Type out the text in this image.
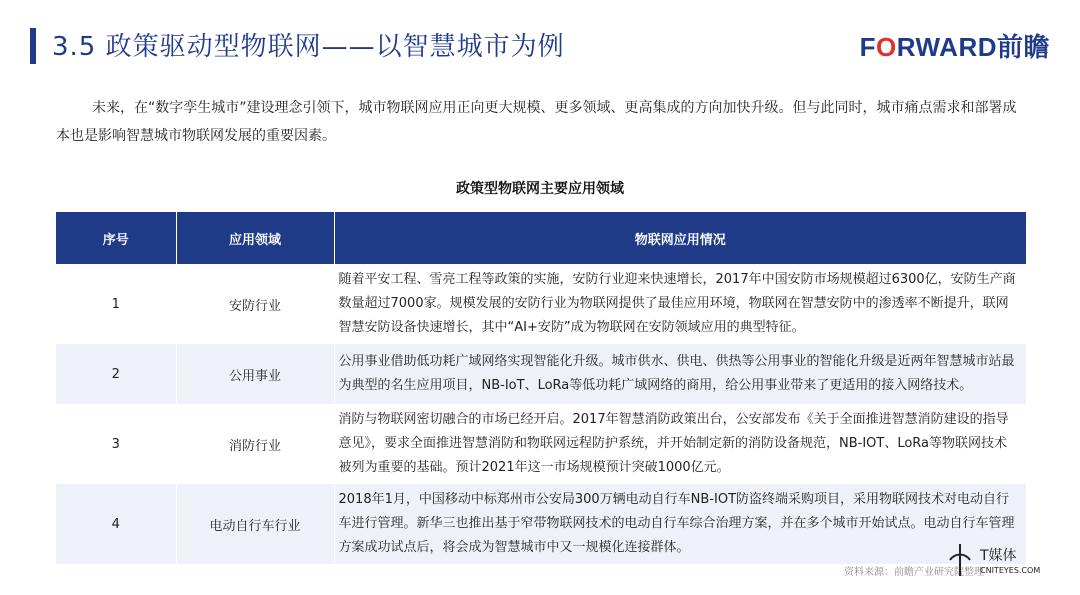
3.5 政策驱动型物联网——以智慧城市为例	FORWARD前瞻
未来，在“数字孪生城市”建设理念引领下，城市物联网应用正向更大规模、更多领域、更高集成的方向加快升级。但与此同时，城市痛点需求和部署成本也是影响智慧城市物联网发展的重要因素。
政策型物联网主要应用领域
序号	应用领域	物联网应用情况
1	安防行业	随着平安工程、雪亮工程等政策的实施，安防行业迎来快速增长，2017年中国安防市场规模超过6300亿，安防生产商数量超过7000家。规模发展的安防行业为物联网提供了最佳应用环境，物联网在智慧安防中的渗透率不断提升，联网智慧安防设备快速增长，其中“AI+安防”成为物联网在安防领域应用的典型特征。
2	公用事业	公用事业借助低功耗广域网络实现智能化升级。城市供水、供电、供热等公用事业的智能化升级是近两年智慧城市站最为典型的名生应用项目，NB-IoT、LoRa等低功耗广域网络的商用，给公用事业带来了更适用的接入网络技术。
3	消防行业	消防与物联网密切融合的市场已经开启。2017年智慧消防政策出台，公安部发布《关于全面推进智慧消防建设的指导意见》，要求全面推进智慧消防和物联网远程防护系统，并开始制定新的消防设备规范，NB-IOT、LoRa等物联网技术被列为重要的基础。预计2021年这一市场规模预计突破1000亿元。
4	电动自行车行业	2018年1月，中国移动中标郑州市公安局300万辆电动自行车NB-IOT防盗终端采购项目，采用物联网技术对电动自行车进行管理。新华三也推出基于窄带物联网技术的电动自行车综合治理方案，并在多个城市开始试点。电动自行车管理方案成功试点后，将会成为智慧城市中又一规模化连接群体。
资料来源：前瞻产业研究院整理
T媒体
CNITEYES.COM
